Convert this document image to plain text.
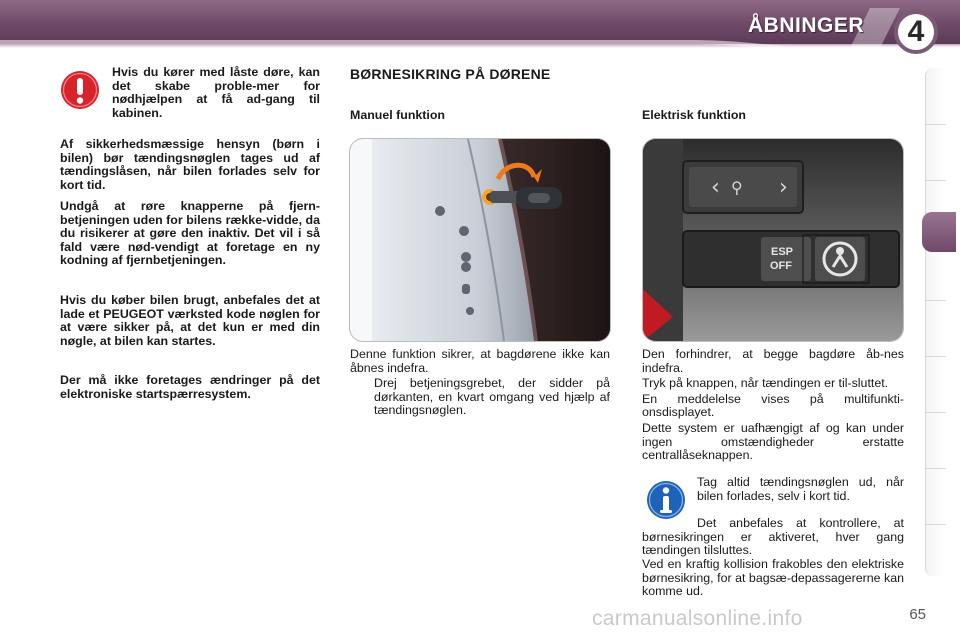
ÅBNINGER	4
Hvis du kører med låste døre, kan det skabe proble-mer for nødhjælpen at få ad-gang til kabinen.
Af sikkerhedsmæssige hensyn (børn i bilen) bør tændingsnøglen tages ud af tændingslåsen, når bilen forlades selv for kort tid.
Undgå at røre knapperne på fjern-betjeningen uden for bilens række-vidde, da du risikerer at gøre den inaktiv. Det vil i så fald være nød-vendigt at foretage en ny kodning af fjernbetjeningen.
Hvis du køber bilen brugt, anbefales det at lade et PEUGEOT værksted kode nøglen for at være sikker på, at det kun er med din nøgle, at bilen kan startes.
Der må ikke foretages ændringer på det elektroniske startspærresystem.
BØRNESIKRING PÅ DØRENE
Manuel funktion	Elektrisk funktion
‹ ⚲ ›
ESP
OFF

Denne funktion sikrer, at bagdørene ikke kan åbnes indefra.

Drej betjeningsgrebet, der sidder på dørkanten, en kvart omgang ved hjælp af tændingsnøglen.

Den forhindrer, at begge bagdøre åb-nes indefra.

Tryk på knappen, når tændingen er til-sluttet.

En meddelelse vises på multifunkti-onsdisplayet.

Dette system er uafhængigt af og kan under ingen omstændigheder erstatte centrallåseknappen.

Tag altid tændingsnøglen ud, når bilen forlades, selv i kort tid.

Det anbefales at kontrollere, at børnesikringen er aktiveret, hver gang tændingen tilsluttes.
Ved en kraftig kollision frakobles den elektriske børnesikring, for at bagsæ-depassagererne kan komme ud.
carmanualsonline.info	65
